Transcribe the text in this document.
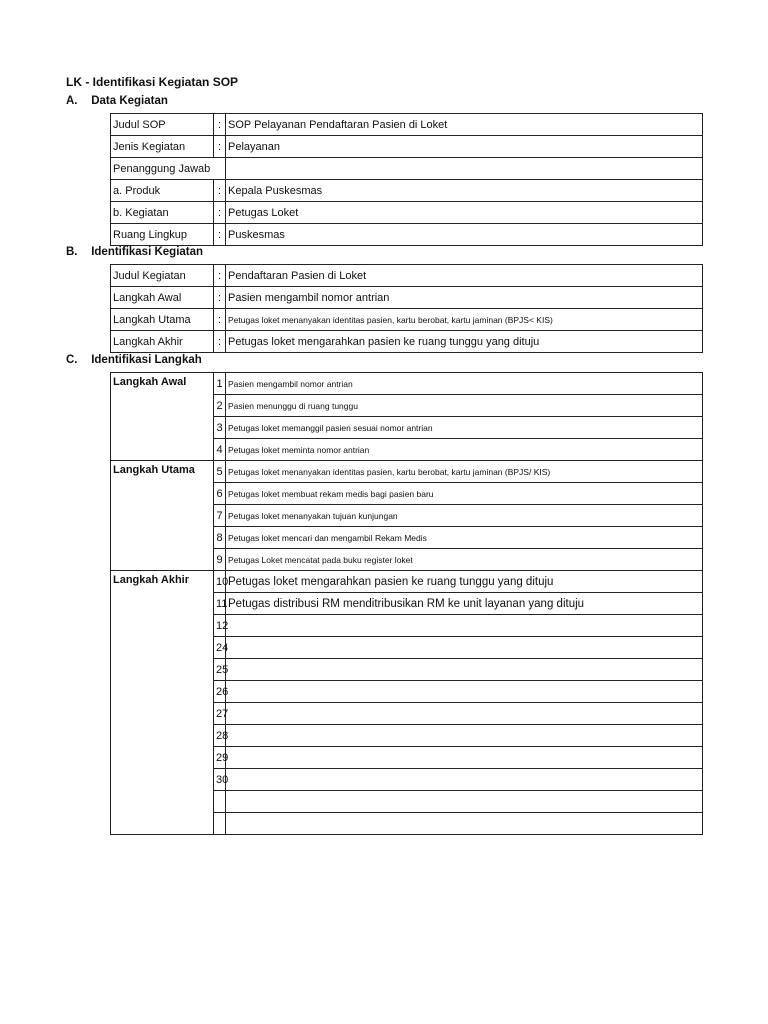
LK - Identifikasi Kegiatan SOP
A. Data Kegiatan
Judul SOP	:	SOP Pelayanan Pendaftaran Pasien di Loket
Jenis Kegiatan	:	Pelayanan
Penanggung Jawab		
a. Produk	:	Kepala Puskesmas
b. Kegiatan	:	Petugas Loket
Ruang Lingkup	:	Puskesmas
B. Identifikasi Kegiatan
Judul Kegiatan	:	Pendaftaran Pasien di Loket
Langkah Awal	:	Pasien mengambil nomor antrian
Langkah Utama	:	Petugas loket menanyakan identitas pasien, kartu berobat, kartu jaminan (BPJS< KIS)
Langkah Akhir	:	Petugas loket mengarahkan pasien ke ruang tunggu yang dituju
C. Identifikasi Langkah
Langkah Awal	1	Pasien mengambil nomor antrian
	2	Pasien menunggu di ruang tunggu
	3	Petugas loket memanggil pasien sesuai nomor antrian
	4	Petugas loket meminta nomor antrian
Langkah Utama	5	Petugas loket menanyakan identitas pasien, kartu berobat, kartu jaminan (BPJS/ KIS)
	6	Petugas loket membuat rekam medis bagi pasien baru
	7	Petugas loket menanyakan tujuan kunjungan
	8	Petugas loket mencari dan mengambil Rekam Medis
	9	Petugas Loket mencatat pada buku register loket
Langkah Akhir	10	Petugas loket mengarahkan pasien ke ruang tunggu yang dituju
	11	Petugas distribusi RM menditribusikan RM ke unit layanan yang dituju
	12	
	24	
	25	
	26	
	27	
	28	
	29	
	30	
